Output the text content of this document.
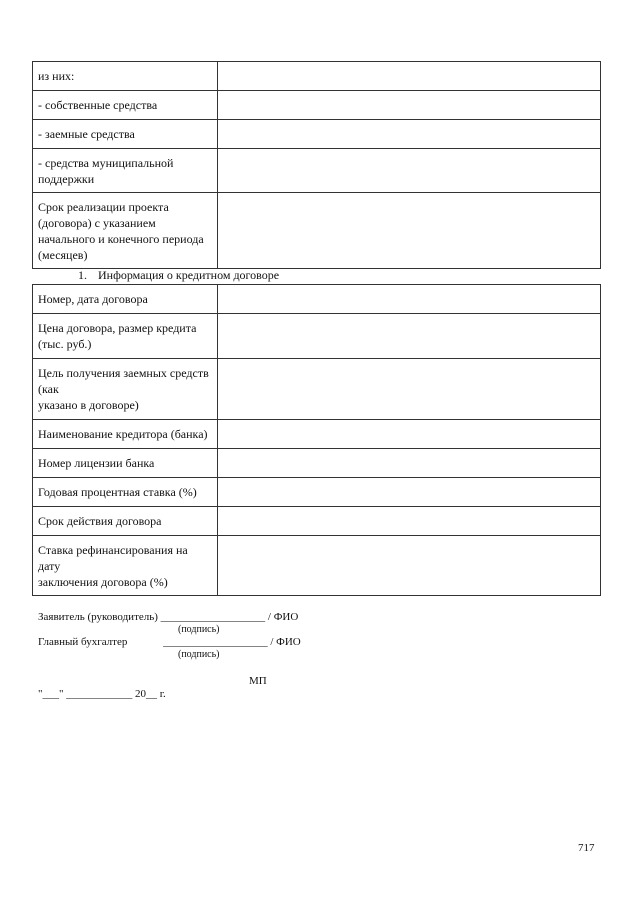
из них:	
- собственные средства	
- заемные средства	
- средства муниципальной поддержки	
Срок реализации проекта (договора) с указанием начального и конечного периода (месяцев)	
1. Информация о кредитном договоре
Номер, дата договора	
Цена договора, размер кредита (тыс. руб.)	
Цель получения заемных средств (как
указано в договоре)	
Наименование кредитора (банка)	
Номер лицензии банка	
Годовая процентная ставка (%)	
Срок действия договора	
Ставка рефинансирования на дату
заключения договора (%)	
Заявитель (руководитель) ___________________ / ФИО
(подпись)
Главный бухгалтер             ___________________ / ФИО
(подпись)
МП
"___" ____________ 20__ г.
717
